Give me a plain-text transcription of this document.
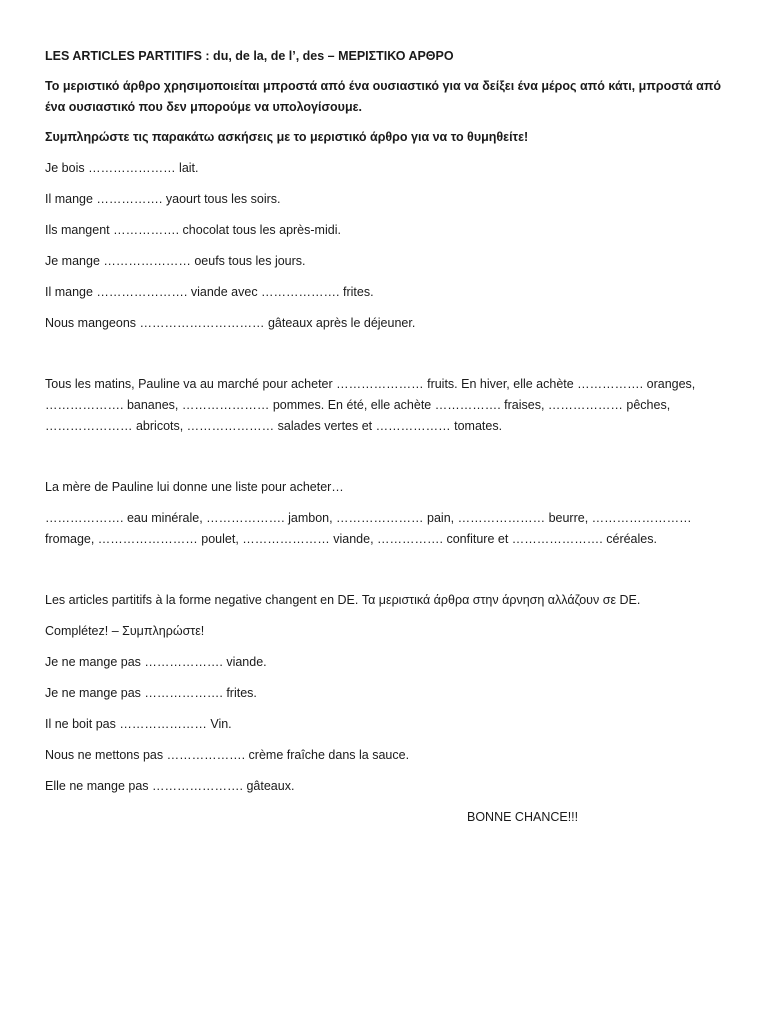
LES ARTICLES PARTITIFS : du, de la, de l’, des – ΜΕΡΙΣΤΙΚΟ ΑΡΘΡΟ
Το μεριστικό άρθρο χρησιμοποιείται μπροστά από ένα ουσιαστικό για να δείξει ένα μέρος από κάτι, μπροστά από ένα ουσιαστικό που δεν μπορούμε να υπολογίσουμε.
Συμπληρώστε τις παρακάτω ασκήσεις με το μεριστικό άρθρο για να το θυμηθείτε!
Je bois ………………… lait.
Il mange ……………. yaourt tous les soirs.
Ils mangent ……………. chocolat tous les après-midi.
Je mange ………………… oeufs tous les jours.
Il mange …………………. viande avec ………………. frites.
Nous mangeons ………………………… gâteaux après le déjeuner.
Tous les matins, Pauline va au marché pour acheter ………………… fruits. En hiver, elle achète ……………. oranges, ………………. bananes, ………………… pommes. En été, elle achète ……………. fraises, ……………… pêches, ………………… abricots, ………………… salades vertes et ……………… tomates.
La mère de Pauline lui donne une liste pour acheter…
………………. eau minérale, ………………. jambon, ………………… pain, ………………… beurre, …………………… fromage, …………………… poulet, ………………… viande, ……………. confiture et …………………. céréales.
Les articles partitifs à la forme negative changent en DE. Τα μεριστικά άρθρα στην άρνηση αλλάζουν σε DE.
Complétez! – Συμπληρώστε!
Je ne mange pas ………………. viande.
Je ne mange pas ………………. frites.
Il ne boit pas ………………… Vin.
Nous ne mettons pas ………………. crème fraîche dans la sauce.
Elle ne mange pas …………………. gâteaux.
BONNE CHANCE!!!
